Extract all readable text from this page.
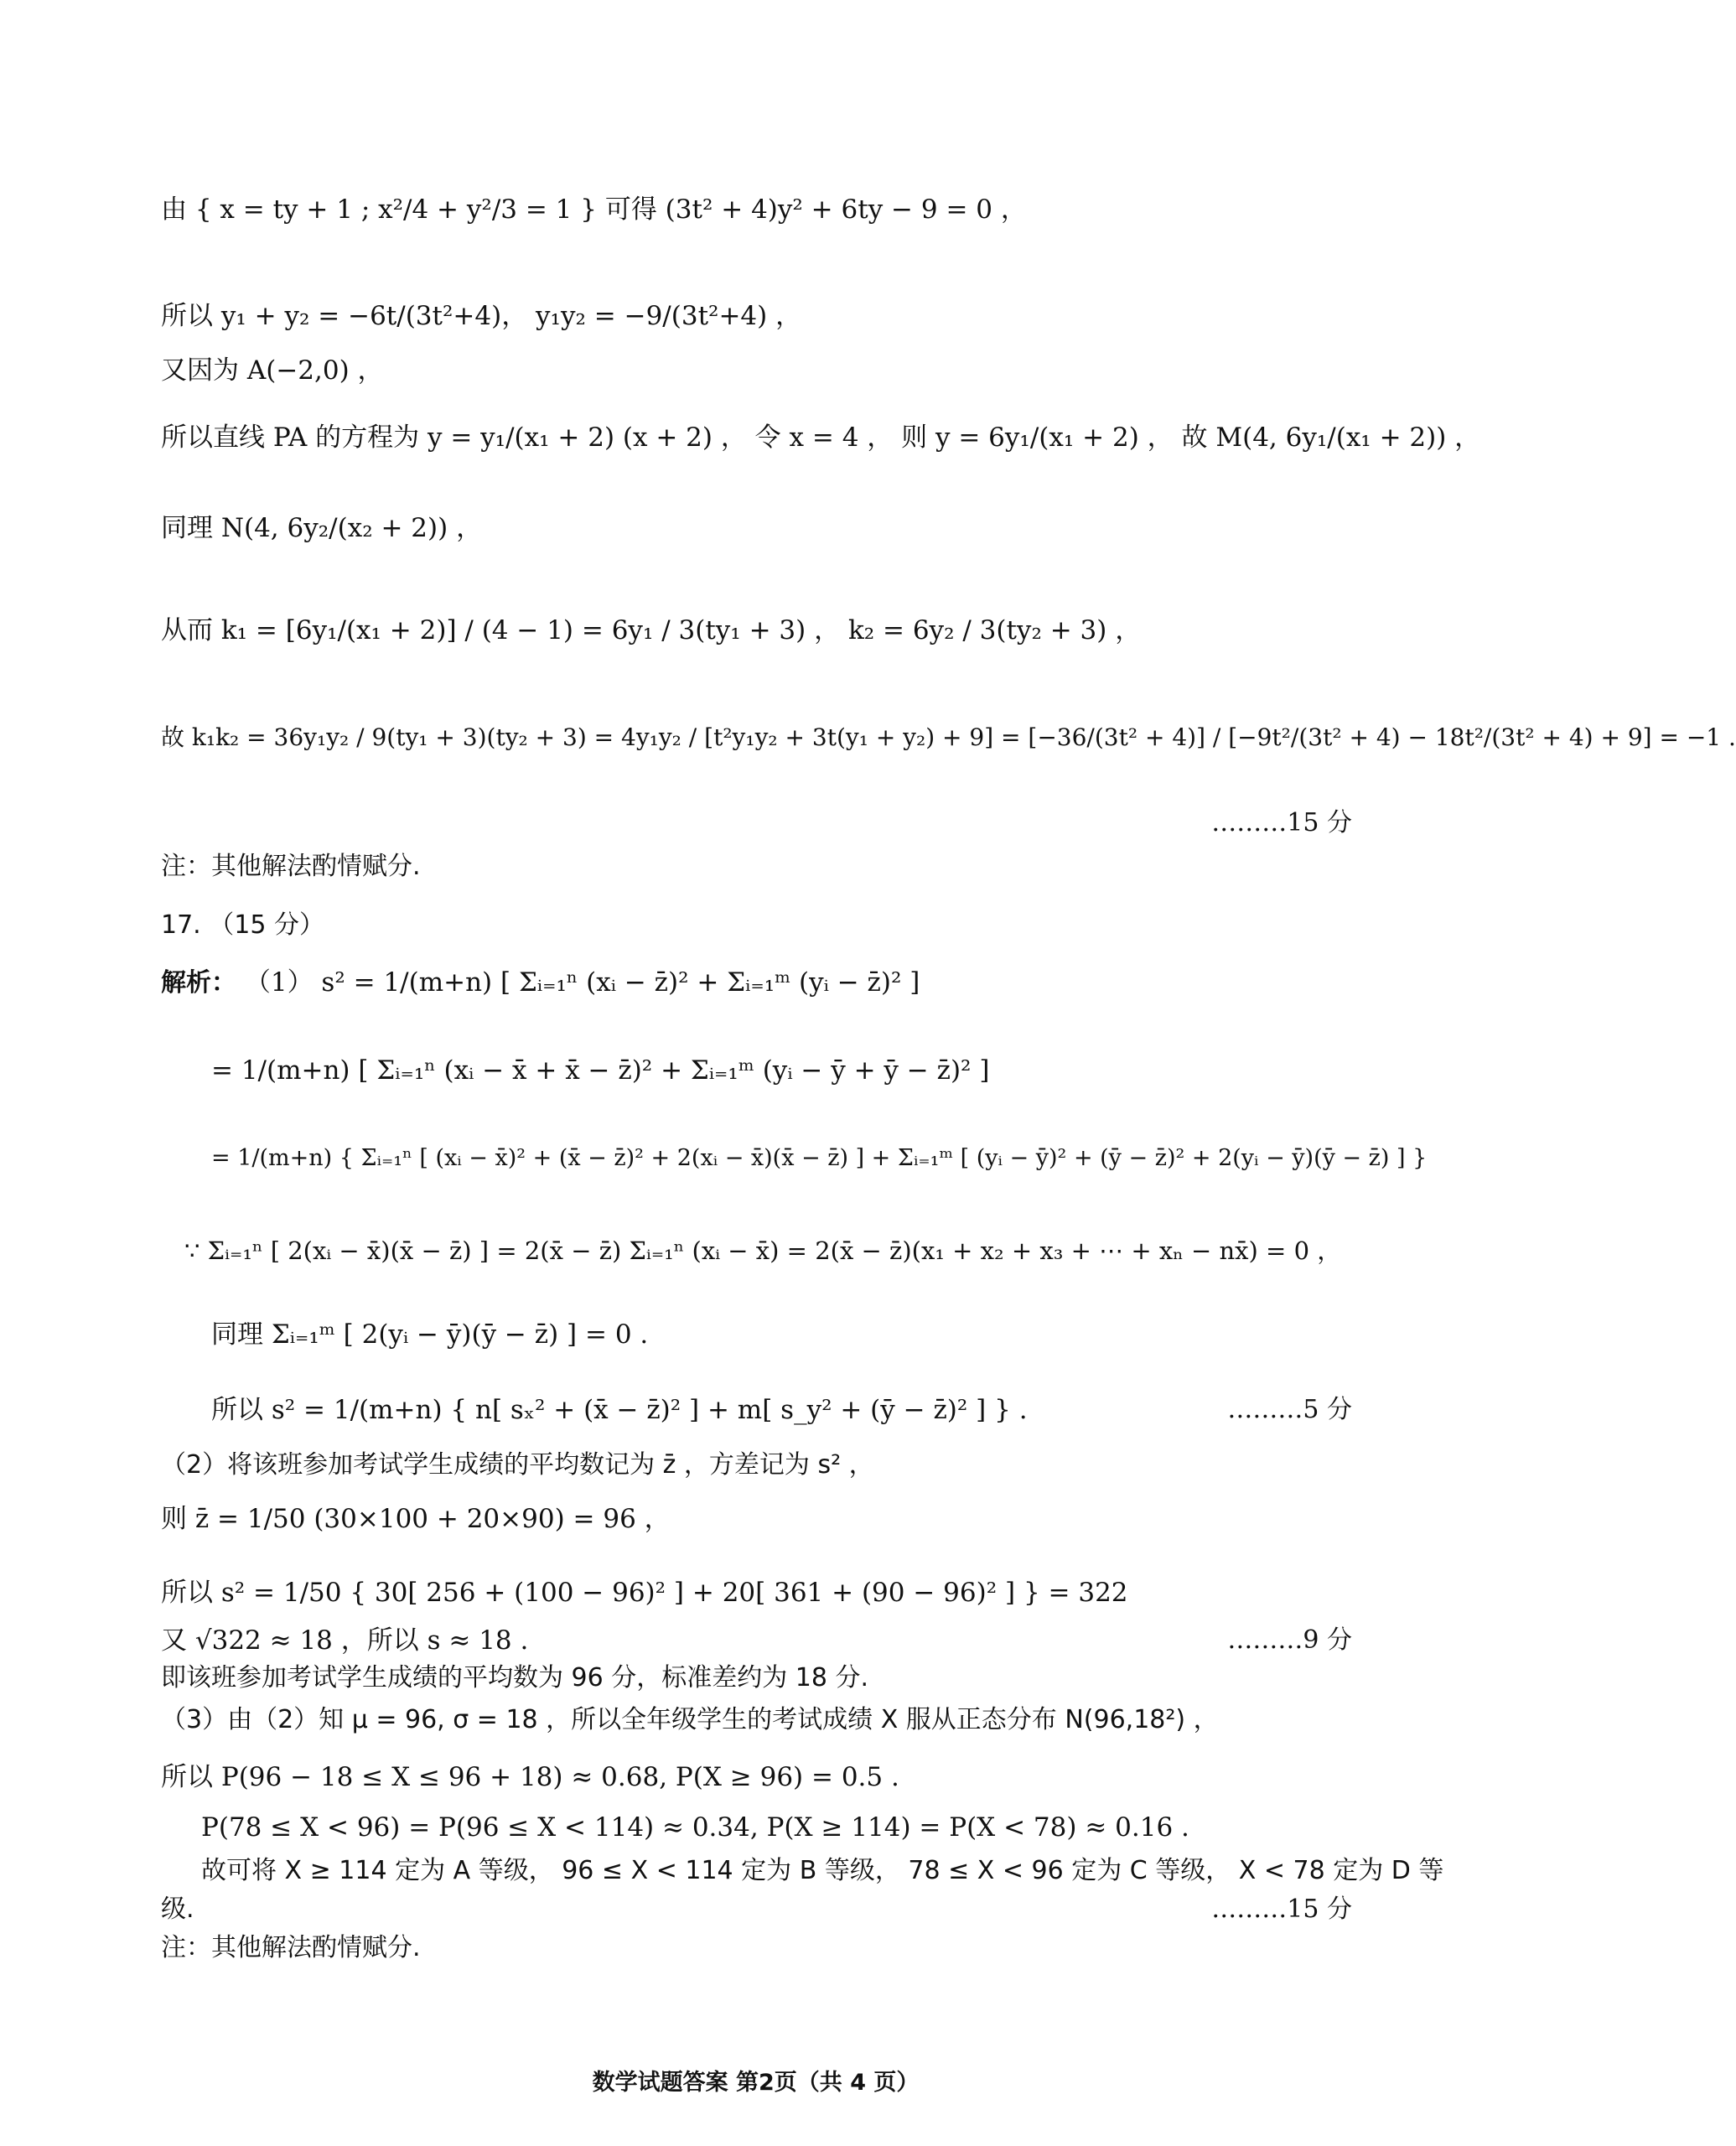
由 { x = ty + 1 ; x²/4 + y²/3 = 1 } 可得 (3t² + 4)y² + 6ty − 9 = 0 ，
所以 y₁ + y₂ = −6t/(3t²+4)， y₁y₂ = −9/(3t²+4) ，
又因为 A(−2,0) ，
所以直线 PA 的方程为 y = y₁/(x₁ + 2) (x + 2) ， 令 x = 4 ， 则 y = 6y₁/(x₁ + 2) ， 故 M(4, 6y₁/(x₁ + 2)) ，
同理 N(4, 6y₂/(x₂ + 2)) ，
从而 k₁ = [6y₁/(x₁ + 2)] / (4 − 1) = 6y₁ / 3(ty₁ + 3) ， k₂ = 6y₂ / 3(ty₂ + 3) ，
故 k₁k₂ = 36y₁y₂ / 9(ty₁ + 3)(ty₂ + 3) = 4y₁y₂ / [t²y₁y₂ + 3t(y₁ + y₂) + 9] = [−36/(3t² + 4)] / [−9t²/(3t² + 4) − 18t²/(3t² + 4) + 9] = −1 .
………15 分
注：其他解法酌情赋分.
17. （15 分）
解析： （1） s² = 1/(m+n) [ Σᵢ₌₁ⁿ (xᵢ − z̄)² + Σᵢ₌₁ᵐ (yᵢ − z̄)² ]
= 1/(m+n) [ Σᵢ₌₁ⁿ (xᵢ − x̄ + x̄ − z̄)² + Σᵢ₌₁ᵐ (yᵢ − ȳ + ȳ − z̄)² ]
= 1/(m+n) { Σᵢ₌₁ⁿ [ (xᵢ − x̄)² + (x̄ − z̄)² + 2(xᵢ − x̄)(x̄ − z̄) ] + Σᵢ₌₁ᵐ [ (yᵢ − ȳ)² + (ȳ − z̄)² + 2(yᵢ − ȳ)(ȳ − z̄) ] }
∵ Σᵢ₌₁ⁿ [ 2(xᵢ − x̄)(x̄ − z̄) ] = 2(x̄ − z̄) Σᵢ₌₁ⁿ (xᵢ − x̄) = 2(x̄ − z̄)(x₁ + x₂ + x₃ + ⋯ + xₙ − nx̄) = 0 ，
同理 Σᵢ₌₁ᵐ [ 2(yᵢ − ȳ)(ȳ − z̄) ] = 0 .
所以 s² = 1/(m+n) { n[ sₓ² + (x̄ − z̄)² ] + m[ s_y² + (ȳ − z̄)² ] } .	………5 分
（2）将该班参加考试学生成绩的平均数记为 z̄ ，方差记为 s² ，
则 z̄ = 1/50 (30×100 + 20×90) = 96 ，
所以 s² = 1/50 { 30[ 256 + (100 − 96)² ] + 20[ 361 + (90 − 96)² ] } = 322
又 √322 ≈ 18 ，所以 s ≈ 18 .	………9 分
即该班参加考试学生成绩的平均数为 96 分，标准差约为 18 分.
（3）由（2）知 μ = 96, σ = 18 ，所以全年级学生的考试成绩 X 服从正态分布 N(96,18²) ，
所以 P(96 − 18 ≤ X ≤ 96 + 18) ≈ 0.68, P(X ≥ 96) = 0.5 .
P(78 ≤ X < 96) = P(96 ≤ X < 114) ≈ 0.34, P(X ≥ 114) = P(X < 78) ≈ 0.16 .
故可将 X ≥ 114 定为 A 等级， 96 ≤ X < 114 定为 B 等级， 78 ≤ X < 96 定为 C 等级， X < 78 定为 D 等
级.	………15 分
注：其他解法酌情赋分.
数学试题答案 第2页（共 4 页）
